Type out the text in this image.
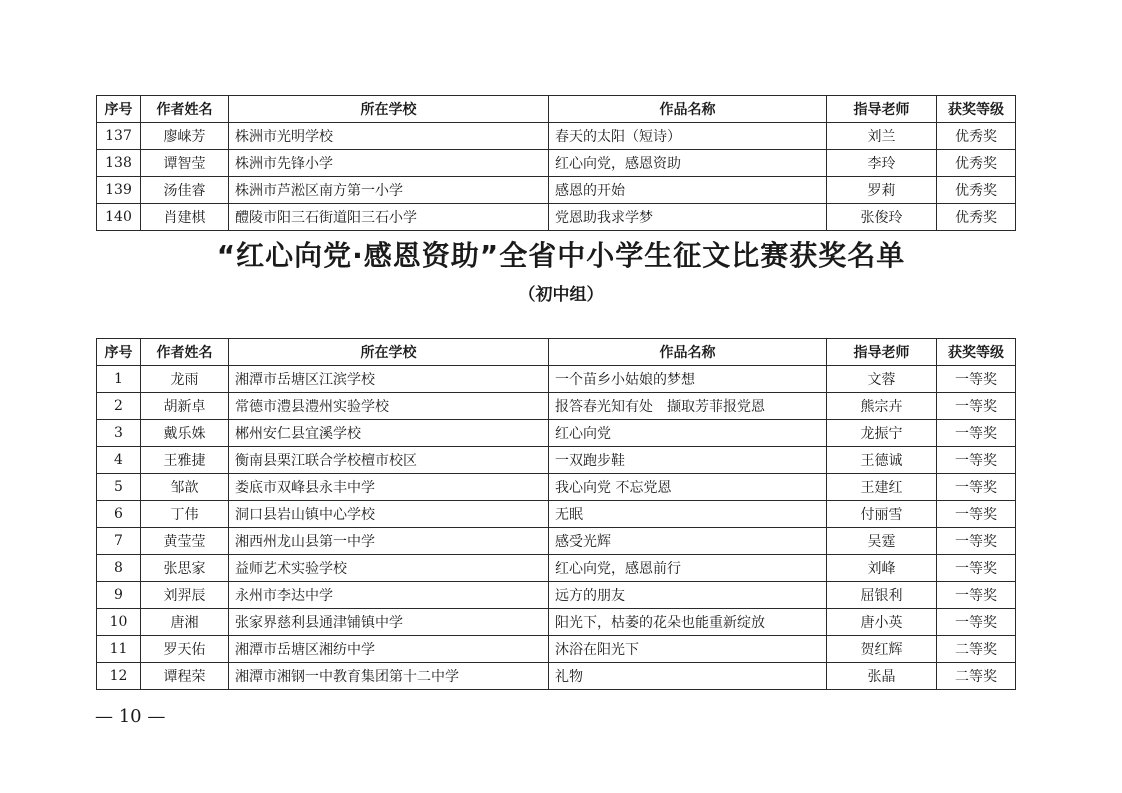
序号	作者姓名	所在学校	作品名称	指导老师	获奖等级
137	廖崃芳	株洲市光明学校	春天的太阳（短诗）	刘兰	优秀奖
138	谭智莹	株洲市先锋小学	红心向党，感恩资助	李玲	优秀奖
139	汤佳睿	株洲市芦淞区南方第一小学	感恩的开始	罗莉	优秀奖
140	肖建棋	醴陵市阳三石街道阳三石小学	党恩助我求学梦	张俊玲	优秀奖
“红心向党·感恩资助”全省中小学生征文比赛获奖名单
（初中组）
序号	作者姓名	所在学校	作品名称	指导老师	获奖等级
1	龙雨	湘潭市岳塘区江滨学校	一个苗乡小姑娘的梦想	文蓉	一等奖
2	胡新卓	常德市澧县澧州实验学校	报答春光知有处　撷取芳菲报党恩	熊宗卉	一等奖
3	戴乐姝	郴州安仁县宜溪学校	红心向党	龙振宁	一等奖
4	王雅捷	衡南县栗江联合学校檀市校区	一双跑步鞋	王德诚	一等奖
5	邹歆	娄底市双峰县永丰中学	我心向党 不忘党恩	王建红	一等奖
6	丁伟	洞口县岩山镇中心学校	无眠	付丽雪	一等奖
7	黄莹莹	湘西州龙山县第一中学	感受光辉	吴霆	一等奖
8	张思家	益师艺术实验学校	红心向党，感恩前行	刘峰	一等奖
9	刘羿辰	永州市李达中学	远方的朋友	屈银利	一等奖
10	唐湘	张家界慈利县通津铺镇中学	阳光下，枯萎的花朵也能重新绽放	唐小英	一等奖
11	罗天佑	湘潭市岳塘区湘纺中学	沐浴在阳光下	贺红辉	二等奖
12	谭程荣	湘潭市湘钢一中教育集团第十二中学	礼物	张晶	二等奖
— 10 —
